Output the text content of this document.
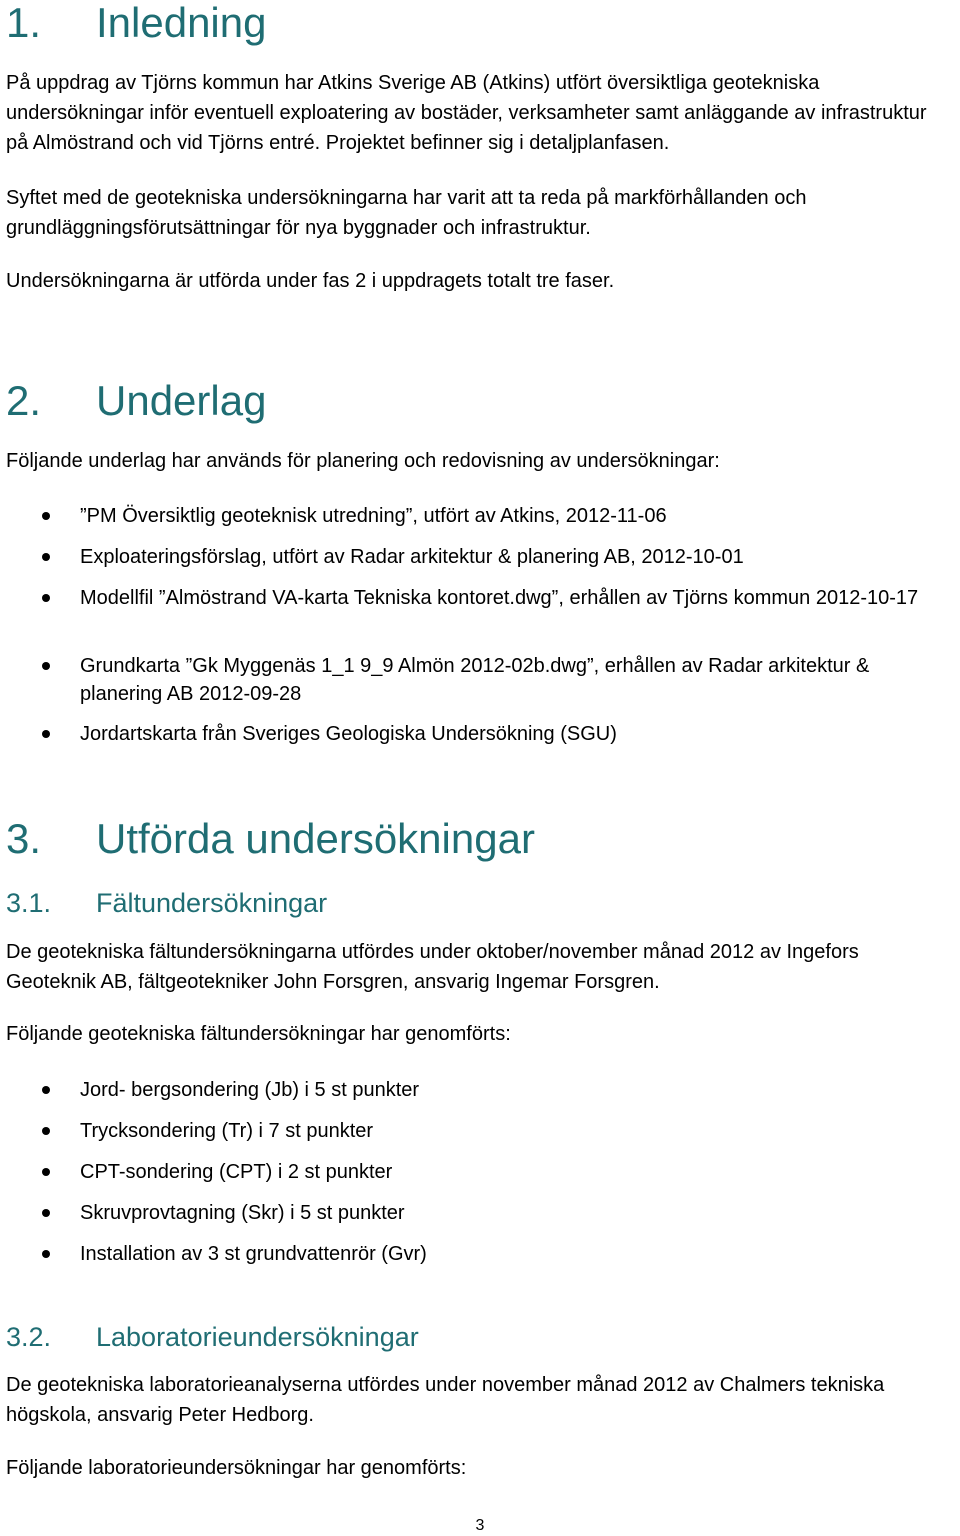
1. Inledning
På uppdrag av Tjörns kommun har Atkins Sverige AB (Atkins) utfört översiktliga geotekniska undersökningar inför eventuell exploatering av bostäder, verksamheter samt anläggande av infrastruktur på Almöstrand och vid Tjörns entré. Projektet befinner sig i detaljplanfasen.
Syftet med de geotekniska undersökningarna har varit att ta reda på markförhållanden och grundläggningsförutsättningar för nya byggnader och infrastruktur.
Undersökningarna är utförda under fas 2 i uppdragets totalt tre faser.
2. Underlag
Följande underlag har används för planering och redovisning av undersökningar:
”PM Översiktlig geoteknisk utredning”, utfört av Atkins, 2012-11-06
Exploateringsförslag, utfört av Radar arkitektur & planering AB, 2012-10-01
Modellfil ”Almöstrand VA-karta Tekniska kontoret.dwg”, erhållen av Tjörns kommun 2012-10-17
Grundkarta ”Gk Myggenäs 1_1 9_9 Almön 2012-02b.dwg”, erhållen av Radar arkitektur & planering AB 2012-09-28
Jordartskarta från Sveriges Geologiska Undersökning (SGU)
3. Utförda undersökningar
3.1. Fältundersökningar
De geotekniska fältundersökningarna utfördes under oktober/november månad 2012 av Ingefors Geoteknik AB, fältgeotekniker John Forsgren, ansvarig Ingemar Forsgren.
Följande geotekniska fältundersökningar har genomförts:
Jord- bergsondering (Jb) i 5 st punkter
Trycksondering (Tr) i 7 st punkter
CPT-sondering (CPT) i 2 st punkter
Skruvprovtagning (Skr) i 5 st punkter
Installation av 3 st grundvattenrör (Gvr)
3.2. Laboratorieundersökningar
De geotekniska laboratorieanalyserna utfördes under november månad 2012 av Chalmers tekniska högskola, ansvarig Peter Hedborg.
Följande laboratorieundersökningar har genomförts:
3
